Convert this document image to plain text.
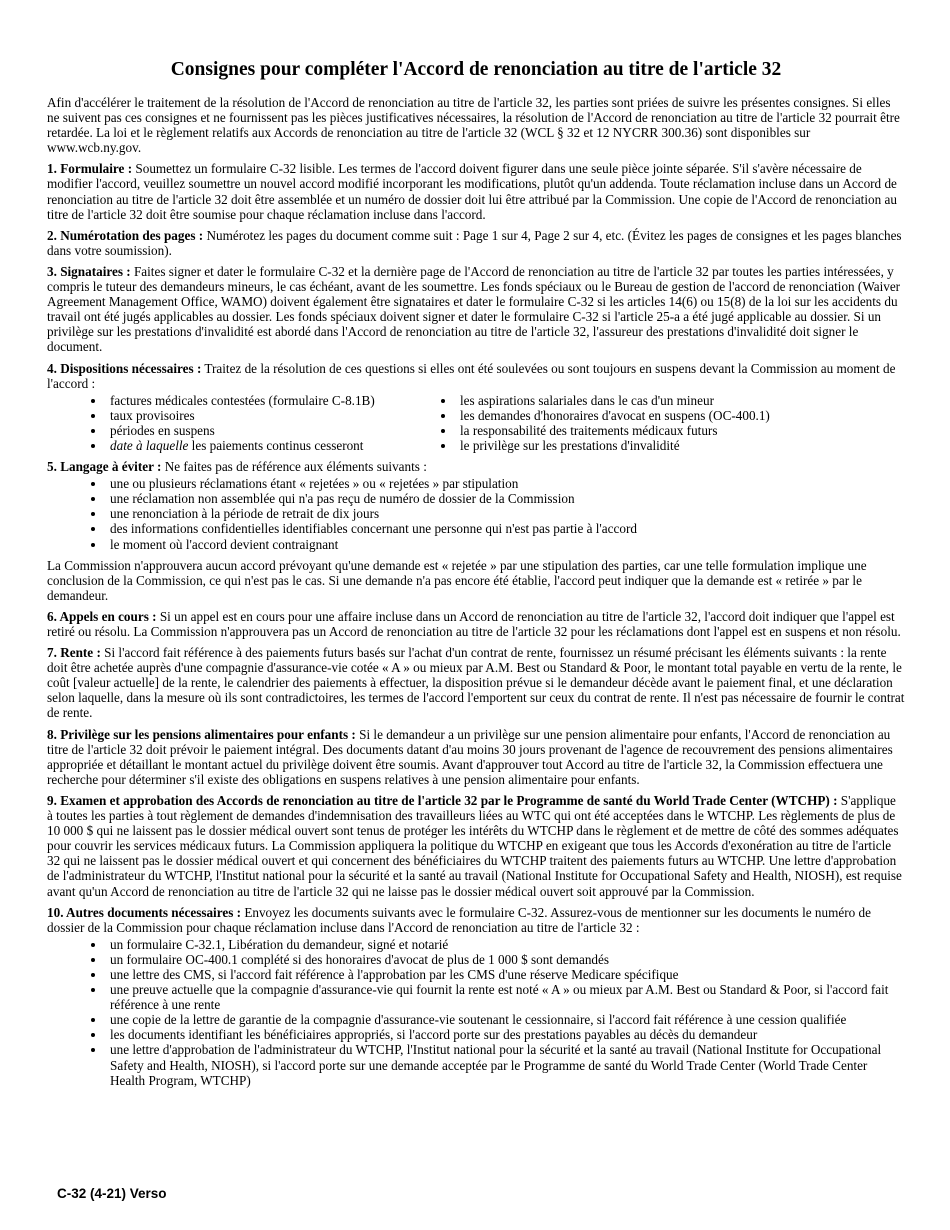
Consignes pour compléter l'Accord de renonciation au titre de l'article 32

Afin d'accélérer le traitement de la résolution de l'Accord de renonciation au titre de l'article 32, les parties sont priées de suivre les présentes consignes. Si elles ne suivent pas ces consignes et ne fournissent pas les pièces justificatives nécessaires, la résolution de l'Accord de renonciation au titre de l'article 32 pourrait être retardée. La loi et le règlement relatifs aux Accords de renonciation au titre de l'article 32 (WCL § 32 et 12 NYCRR 300.36) sont disponibles sur www.wcb.ny.gov.

1. Formulaire : Soumettez un formulaire C-32 lisible. Les termes de l'accord doivent figurer dans une seule pièce jointe séparée. S'il s'avère nécessaire de modifier l'accord, veuillez soumettre un nouvel accord modifié incorporant les modifications, plutôt qu'un addenda. Toute réclamation incluse dans un Accord de renonciation au titre de l'article 32 doit être assemblée et un numéro de dossier doit lui être attribué par la Commission. Une copie de l'Accord de renonciation au titre de l'article 32 doit être soumise pour chaque réclamation incluse dans l'accord.

2. Numérotation des pages : Numérotez les pages du document comme suit : Page 1 sur 4, Page 2 sur 4, etc. (Évitez les pages de consignes et les pages blanches dans votre soumission).

3. Signataires : Faites signer et dater le formulaire C-32 et la dernière page de l'Accord de renonciation au titre de l'article 32 par toutes les parties intéressées, y compris le tuteur des demandeurs mineurs, le cas échéant, avant de les soumettre. Les fonds spéciaux ou le Bureau de gestion de l'accord de renonciation (Waiver Agreement Management Office, WAMO) doivent également être signataires et dater le formulaire C-32 si les articles 14(6) ou 15(8) de la loi sur les accidents du travail ont été jugés applicables au dossier. Les fonds spéciaux doivent signer et dater le formulaire C-32 si l'article 25-a a été jugé applicable au dossier. Si un privilège sur les prestations d'invalidité est abordé dans l'Accord de renonciation au titre de l'article 32, l'assureur des prestations d'invalidité doit signer le document.

4. Dispositions nécessaires : Traitez de la résolution de ces questions si elles ont été soulevées ou sont toujours en suspens devant la Commission au moment de l'accord :

factures médicales contestées (formulaire C-8.1B)
taux provisoires
périodes en suspens
date à laquelle les paiements continus cesseront
les aspirations salariales dans le cas d'un mineur
les demandes d'honoraires d'avocat en suspens (OC-400.1)
la responsabilité des traitements médicaux futurs
le privilège sur les prestations d'invalidité

5. Langage à éviter : Ne faites pas de référence aux éléments suivants :

une ou plusieurs réclamations étant « rejetées » ou « rejetées » par stipulation
une réclamation non assemblée qui n'a pas reçu de numéro de dossier de la Commission
une renonciation à la période de retrait de dix jours
des informations confidentielles identifiables concernant une personne qui n'est pas partie à l'accord
le moment où l'accord devient contraignant

La Commission n'approuvera aucun accord prévoyant qu'une demande est « rejetée » par une stipulation des parties, car une telle formulation implique une conclusion de la Commission, ce qui n'est pas le cas. Si une demande n'a pas encore été établie, l'accord peut indiquer que la demande est « retirée » par le demandeur.

6. Appels en cours : Si un appel est en cours pour une affaire incluse dans un Accord de renonciation au titre de l'article 32, l'accord doit indiquer que l'appel est retiré ou résolu. La Commission n'approuvera pas un Accord de renonciation au titre de l'article 32 pour les réclamations dont l'appel est en suspens et non résolu.

7. Rente : Si l'accord fait référence à des paiements futurs basés sur l'achat d'un contrat de rente, fournissez un résumé précisant les éléments suivants : la rente doit être achetée auprès d'une compagnie d'assurance-vie cotée « A » ou mieux par A.M. Best ou Standard & Poor, le montant total payable en vertu de la rente, le coût [valeur actuelle] de la rente, le calendrier des paiements à effectuer, la disposition prévue si le demandeur décède avant le paiement final, et une déclaration selon laquelle, dans la mesure où ils sont contradictoires, les termes de l'accord l'emportent sur ceux du contrat de rente. Il n'est pas nécessaire de fournir le contrat de rente.

8. Privilège sur les pensions alimentaires pour enfants : Si le demandeur a un privilège sur une pension alimentaire pour enfants, l'Accord de renonciation au titre de l'article 32 doit prévoir le paiement intégral. Des documents datant d'au moins 30 jours provenant de l'agence de recouvrement des pensions alimentaires appropriée et détaillant le montant actuel du privilège doivent être soumis. Avant d'approuver tout Accord au titre de l'article 32, la Commission effectuera une recherche pour déterminer s'il existe des obligations en suspens relatives à une pension alimentaire pour enfants.

9. Examen et approbation des Accords de renonciation au titre de l'article 32 par le Programme de santé du World Trade Center (WTCHP) : S'applique à toutes les parties à tout règlement de demandes d'indemnisation des travailleurs liées au WTC qui ont été acceptées dans le WTCHP. Les règlements de plus de 10 000 $ qui ne laissent pas le dossier médical ouvert sont tenus de protéger les intérêts du WTCHP dans le règlement et de mettre de côté des sommes adéquates pour couvrir les services médicaux futurs. La Commission appliquera la politique du WTCHP en exigeant que tous les Accords d'exonération au titre de l'article 32 qui ne laissent pas le dossier médical ouvert et qui concernent des bénéficiaires du WTCHP traitent des paiements futurs au WTCHP. Une lettre d'approbation de l'administrateur du WTCHP, l'Institut national pour la sécurité et la santé au travail (National Institute for Occupational Safety and Health, NIOSH), est requise avant qu'un Accord de renonciation au titre de l'article 32 qui ne laisse pas le dossier médical ouvert soit approuvé par la Commission.

10. Autres documents nécessaires : Envoyez les documents suivants avec le formulaire C-32. Assurez-vous de mentionner sur les documents le numéro de dossier de la Commission pour chaque réclamation incluse dans l'Accord de renonciation au titre de l'article 32 :

un formulaire C-32.1, Libération du demandeur, signé et notarié
un formulaire OC-400.1 complété si des honoraires d'avocat de plus de 1 000 $ sont demandés
une lettre des CMS, si l'accord fait référence à l'approbation par les CMS d'une réserve Medicare spécifique
une preuve actuelle que la compagnie d'assurance-vie qui fournit la rente est noté « A » ou mieux par A.M. Best ou Standard & Poor, si l'accord fait référence à une rente
une copie de la lettre de garantie de la compagnie d'assurance-vie soutenant le cessionnaire, si l'accord fait référence à une cession qualifiée
les documents identifiant les bénéficiaires appropriés, si l'accord porte sur des prestations payables au décès du demandeur
une lettre d'approbation de l'administrateur du WTCHP, l'Institut national pour la sécurité et la santé au travail (National Institute for Occupational Safety and Health, NIOSH), si l'accord porte sur une demande acceptée par le Programme de santé du World Trade Center (World Trade Center Health Program, WTCHP)
C-32 (4-21) Verso
